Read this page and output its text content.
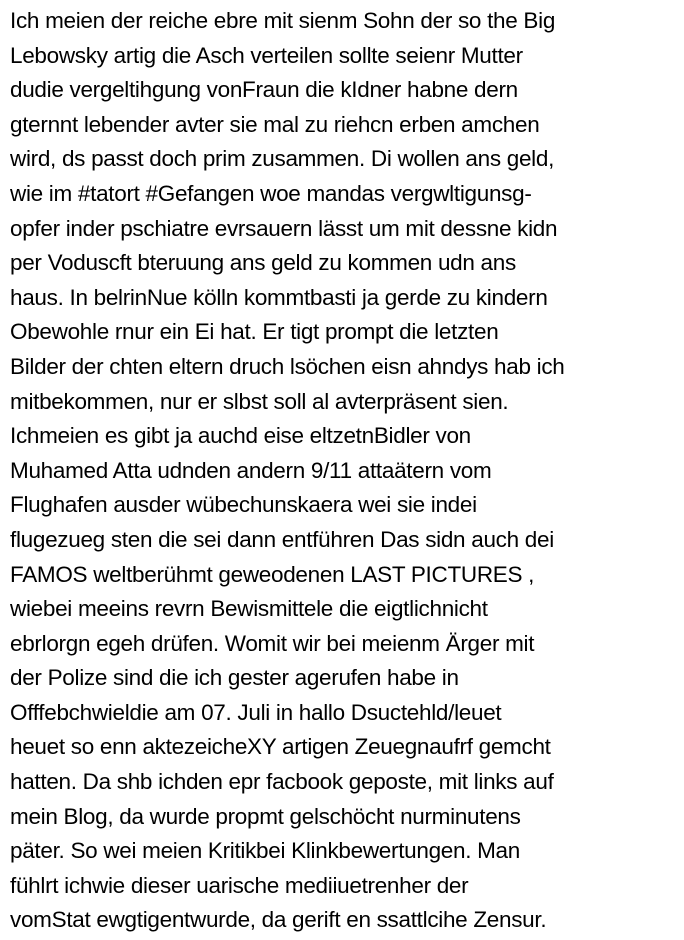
Ich meien der reiche ebre mit sienm Sohn der so the Big
Lebowsky artig die Asch verteilen sollte seienr Mutter
dudie vergeltihgung vonFraun die kIdner habne dern
gternnt lebender avter sie mal zu riehcn erben amchen
wird, ds passt doch prim zusammen. Di wollen ans geld,
wie im #tatort #Gefangen woe mandas vergwltigunsg-
opfer inder pschiatre evrsauern lässt um mit dessne kidn
per Voduscft bteruung ans geld zu kommen udn ans
haus. In belrinNue kölln kommtbasti ja gerde zu kindern
Obewohle rnur ein Ei hat. Er tigt prompt die letzten
Bilder der chten eltern druch lsöchen eisn ahndys hab ich
mitbekommen, nur er slbst soll al avterpräsent sien.
Ichmeien es gibt ja auchd eise eltzetnBidler von
Muhamed Atta udnden andern 9/11 attaätern vom
Flughafen ausder wübechunskaera wei sie indei
flugezueg sten die sei dann entführen Das sidn auch dei
FAMOS weltberühmt geweodenen LAST PICTURES ,
wiebei meeins revrn Bewismittele die eigtlichnicht
ebrlorgn egeh drüfen. Womit wir bei meienm Ärger mit
der Polize sind die ich gester agerufen habe in
Offfebchwieldie am 07. Juli in hallo Dsuctehld/leuet
heuet so enn aktezeicheXY artigen Zeuegnaufrf gemcht
hatten. Da shb ichden epr facbook geposte, mit links auf
mein Blog, da wurde propmt gelschöcht nurminutens
päter. So wei meien Kritikbei Klinkbewertungen. Man
fühlrt ichwie dieser uarische mediiuetrenher der
vomStat ewgtigentwurde, da gerift en ssattlcihe Zensur.
